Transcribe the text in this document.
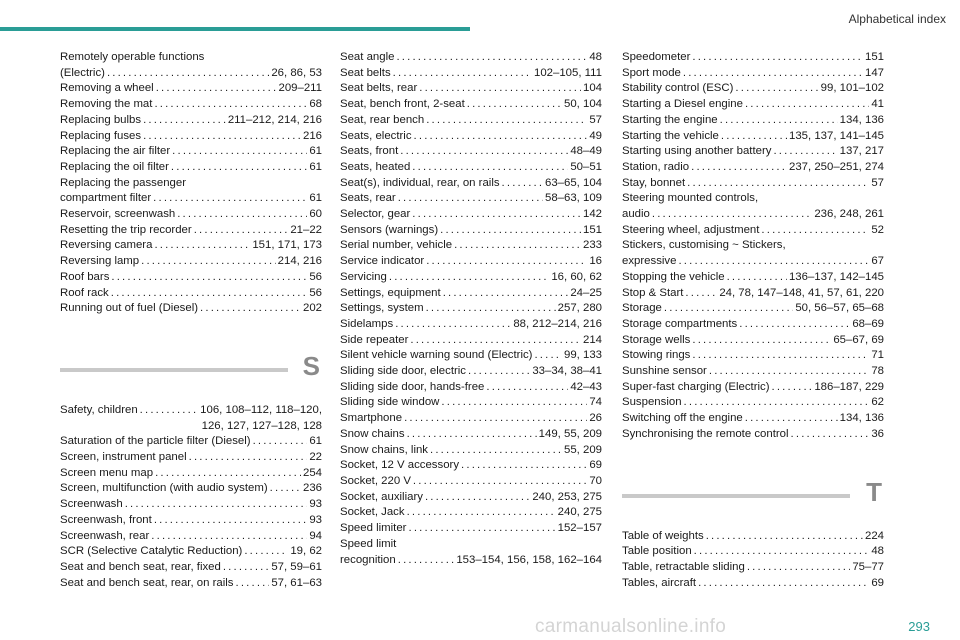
Alphabetical index
Remotely operable functions
(Electric) . . .	26, 86, 53
Removing a wheel . . .	209–211
Removing the mat . . .	68
Replacing bulbs . . .	211–212, 214, 216
Replacing fuses . . .	216
Replacing the air filter . . .	61
Replacing the oil filter . . .	61
Replacing the passenger
compartment filter . . .	61
Reservoir, screenwash . . .	60
Resetting the trip recorder . . .	21–22
Reversing camera . . .	151, 171, 173
Reversing lamp . . .	214, 216
Roof bars . . .	56
Roof rack . . .	56
Running out of fuel (Diesel) . . .	202
S
Safety, children . . .	106, 108–112, 118–120,
126, 127, 127–128, 128
Saturation of the particle filter (Diesel) . . .	61
Screen, instrument panel . . .	22
Screen menu map . . .	254
Screen, multifunction (with audio system) . . .	236
Screenwash . . .	93
Screenwash, front . . .	93
Screenwash, rear . . .	94
SCR (Selective Catalytic Reduction) . . .	19, 62
Seat and bench seat, rear, fixed . . .	57, 59–61
Seat and bench seat, rear, on rails . . .	57, 61–63
Seat angle . . .	48
Seat belts . . .	102–105, 111
Seat belts, rear . . .	104
Seat, bench front, 2-seat . . .	50, 104
Seat, rear bench . . .	57
Seats, electric . . .	49
Seats, front . . .	48–49
Seats, heated . . .	50–51
Seat(s), individual, rear, on rails . . .	63–65, 104
Seats, rear . . .	58–63, 109
Selector, gear . . .	142
Sensors (warnings) . . .	151
Serial number, vehicle . . .	233
Service indicator . . .	16
Servicing . . .	16, 60, 62
Settings, equipment . . .	24–25
Settings, system . . .	257, 280
Sidelamps . . .	88, 212–214, 216
Side repeater . . .	214
Silent vehicle warning sound (Electric) . . .	99, 133
Sliding side door, electric . . .	33–34, 38–41
Sliding side door, hands-free . . .	42–43
Sliding side window . . .	74
Smartphone . . .	26
Snow chains . . .	149, 55, 209
Snow chains, link . . .	55, 209
Socket, 12 V accessory . . .	69
Socket, 220 V . . .	70
Socket, auxiliary . . .	240, 253, 275
Socket, Jack . . .	240, 275
Speed limiter . . .	152–157
Speed limit
recognition . . .	153–154, 156, 158, 162–164
Speedometer . . .	151
Sport mode . . .	147
Stability control (ESC) . . .	99, 101–102
Starting a Diesel engine . . .	41
Starting the engine . . .	134, 136
Starting the vehicle . . .	135, 137, 141–145
Starting using another battery . . .	137, 217
Station, radio . . .	237, 250–251, 274
Stay, bonnet . . .	57
Steering mounted controls,
audio . . .	236, 248, 261
Steering wheel, adjustment . . .	52
Stickers, customising ~ Stickers,
expressive . . .	67
Stopping the vehicle . . .	136–137, 142–145
Stop & Start . . .	24, 78, 147–148, 41, 57, 61, 220
Storage . . .	50, 56–57, 65–68
Storage compartments . . .	68–69
Storage wells . . .	65–67, 69
Stowing rings . . .	71
Sunshine sensor . . .	78
Super-fast charging (Electric) . . .	186–187, 229
Suspension . . .	62
Switching off the engine . . .	134, 136
Synchronising the remote control . . .	36
T
Table of weights . . .	224
Table position . . .	48
Table, retractable sliding . . .	75–77
Tables, aircraft . . .	69
carmanualsonline.info	293
